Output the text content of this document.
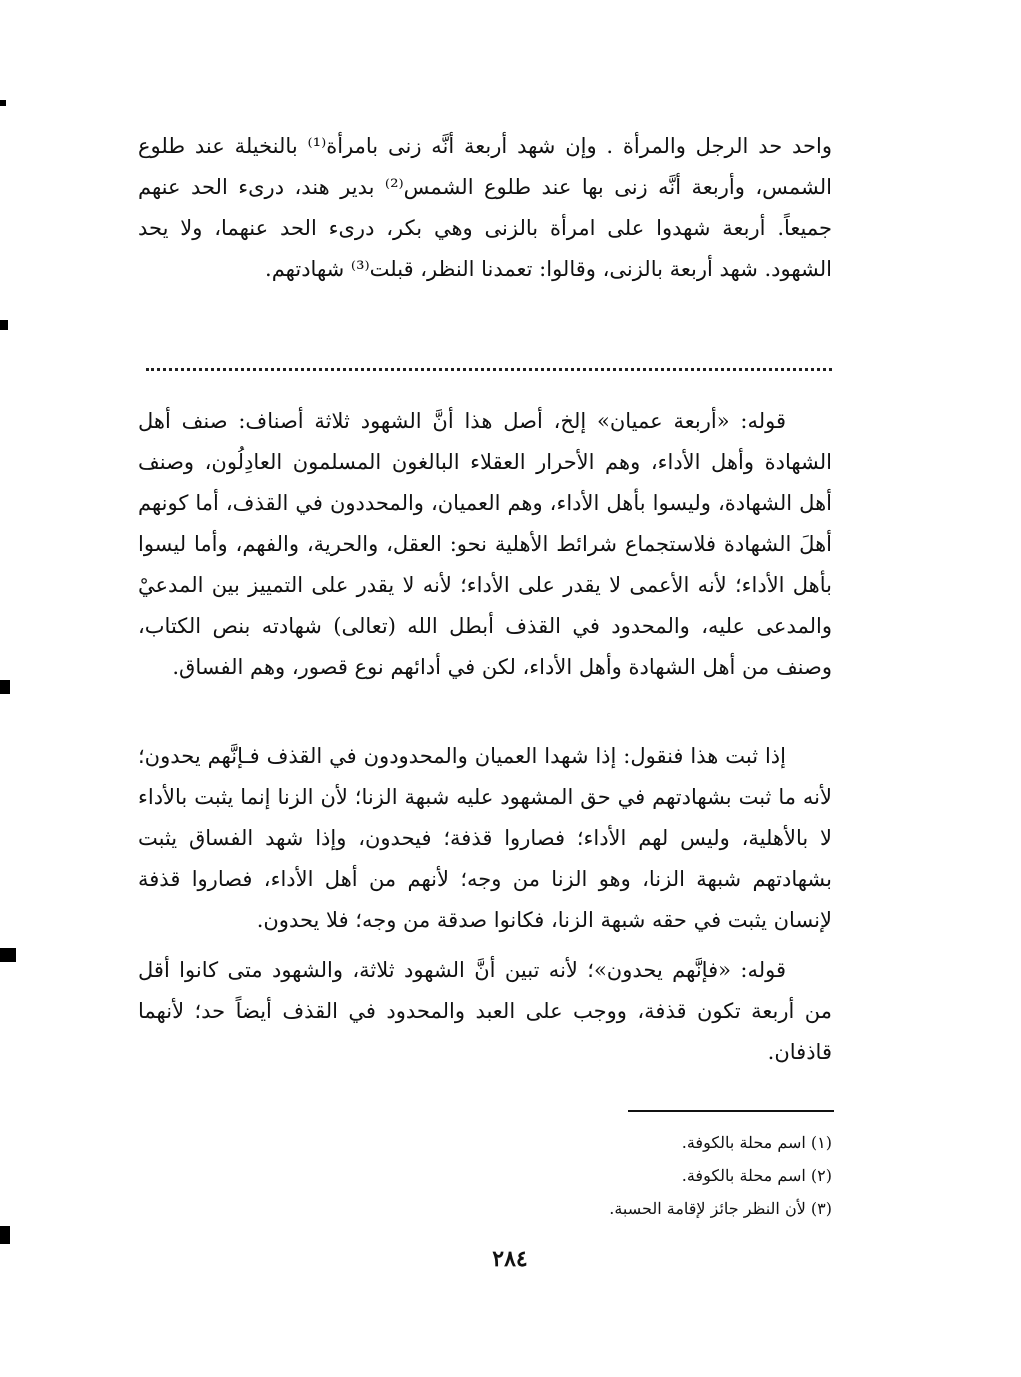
واحد حد الرجل والمرأة . وإن شهد أربعة أنَّه زنى بامرأة⁽¹⁾ بالنخيلة عند طلوع الشمس، وأربعة أنَّه زنى بها عند طلوع الشمس⁽²⁾ بدير هند، درىء الحد عنهم جميعاً. أربعة شهدوا على امرأة بالزنى وهي بكر، درىء الحد عنهما، ولا يحد الشهود. شهد أربعة بالزنى، وقالوا: تعمدنا النظر، قبلت⁽³⁾ شهادتهم.

قوله: «أربعة عميان» إلخ، أصل هذا أنَّ الشهود ثلاثة أصناف: صنف أهل الشهادة وأهل الأداء، وهم الأحرار العقلاء البالغون المسلمون العادِلُون، وصنف أهل الشهادة، وليسوا بأهل الأداء، وهم العميان، والمحددون في القذف، أما كونهم أهلَ الشهادة فلاستجماع شرائط الأهلية نحو: العقل، والحرية، والفهم، وأما ليسوا بأهل الأداء؛ لأنه الأعمى لا يقدر على الأداء؛ لأنه لا يقدر على التمييز بين المدعيْ والمدعى عليه، والمحدود في القذف أبطل الله (تعالى) شهادته بنص الكتاب، وصنف من أهل الشهادة وأهل الأداء، لكن في أدائهم نوع قصور، وهم الفساق.

إذا ثبت هذا فنقول: إذا شهدا العميان والمحدودون في القذف فـإنَّهم يحدون؛ لأنه ما ثبت بشهادتهم في حق المشهود عليه شبهة الزنا؛ لأن الزنا إنما يثبت بالأداء لا بالأهلية، وليس لهم الأداء؛ فصاروا قذفة؛ فيحدون، وإذا شهد الفساق يثبت بشهادتهم شبهة الزنا، وهو الزنا من وجه؛ لأنهم من أهل الأداء، فصاروا قذفة لإنسان يثبت في حقه شبهة الزنا، فكانوا صدقة من وجه؛ فلا يحدون.

قوله: «فإنَّهم يحدون»؛ لأنه تبين أنَّ الشهود ثلاثة، والشهود متى كانوا أقل من أربعة تكون قذفة، ووجب على العبد والمحدود في القذف أيضاً حد؛ لأنهما قاذفان.

(١) اسم محلة بالكوفة.

(٢) اسم محلة بالكوفة.

(٣) لأن النظر جائز لإقامة الحسبة.

٢٨٤
